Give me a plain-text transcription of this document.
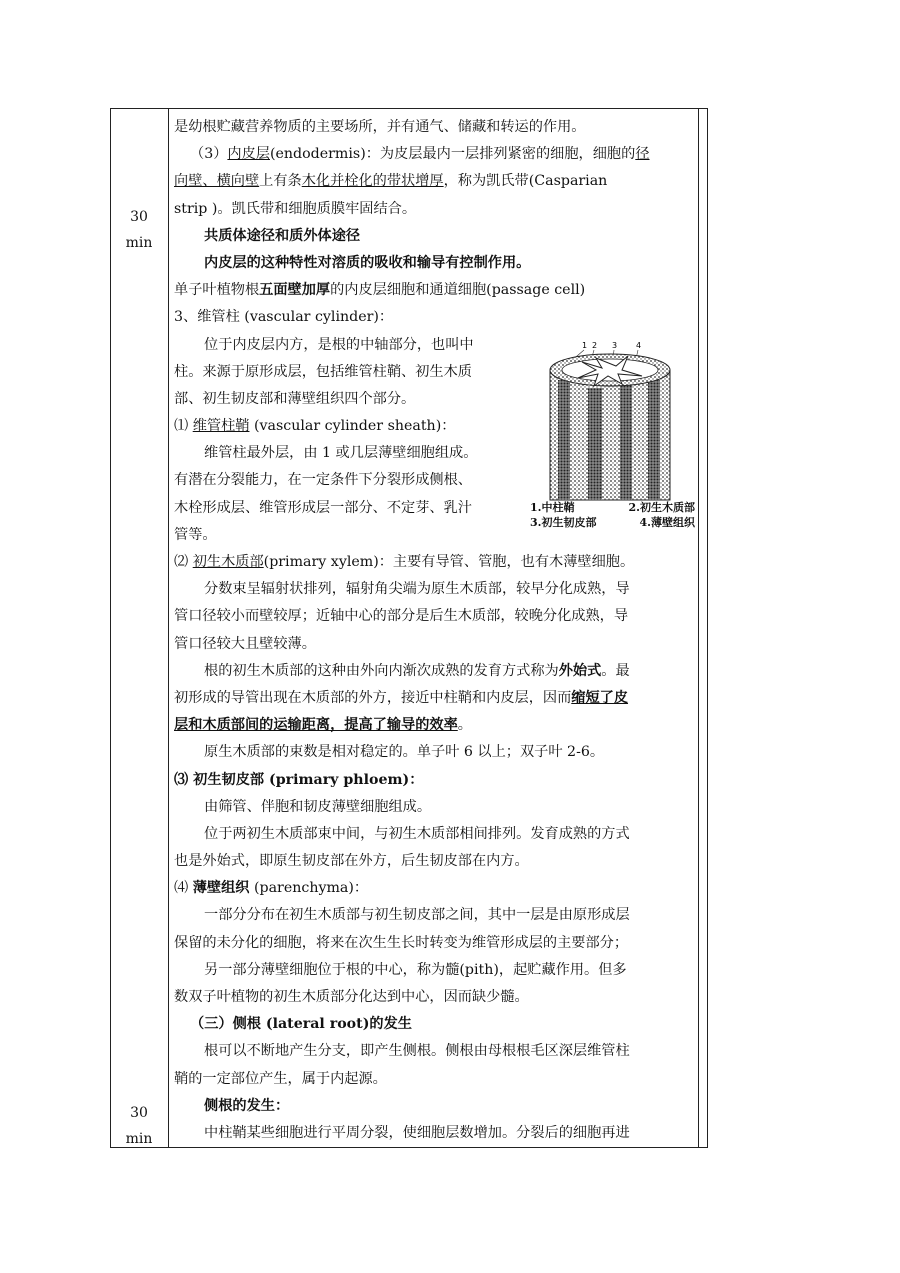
30
min
30
min
1 2 3 4
1.中柱鞘	2.初生木质部
3.初生韧皮部	4.薄壁组织
是幼根贮藏营养物质的主要场所，并有通气、储藏和转运的作用。
（3）内皮层(endodermis)：为皮层最内一层排列紧密的细胞，细胞的径
向壁、横向壁上有条木化并栓化的带状增厚，称为凯氏带(Casparian
strip )。凯氏带和细胞质膜牢固结合。
共质体途径和质外体途径
内皮层的这种特性对溶质的吸收和输导有控制作用。
单子叶植物根五面壁加厚的内皮层细胞和通道细胞(passage cell)
3、维管柱 (vascular cylinder)：
位于内皮层内方，是根的中轴部分，也叫中
柱。来源于原形成层，包括维管柱鞘、初生木质
部、初生韧皮部和薄壁组织四个部分。
⑴ 维管柱鞘 (vascular cylinder sheath)：
维管柱最外层，由 1 或几层薄壁细胞组成。
有潜在分裂能力，在一定条件下分裂形成侧根、
木栓形成层、维管形成层一部分、不定芽、乳汁
管等。
⑵ 初生木质部(primary xylem)：主要有导管、管胞，也有木薄壁细胞。
分数束呈辐射状排列，辐射角尖端为原生木质部，较早分化成熟，导
管口径较小而壁较厚；近轴中心的部分是后生木质部，较晚分化成熟，导
管口径较大且壁较薄。
根的初生木质部的这种由外向内渐次成熟的发育方式称为外始式。最
初形成的导管出现在木质部的外方，接近中柱鞘和内皮层，因而缩短了皮
层和木质部间的运输距离，提高了输导的效率。
原生木质部的束数是相对稳定的。单子叶 6 以上；双子叶 2-6。
⑶ 初生韧皮部 (primary phloem)：
由筛管、伴胞和韧皮薄壁细胞组成。
位于两初生木质部束中间，与初生木质部相间排列。发育成熟的方式
也是外始式，即原生韧皮部在外方，后生韧皮部在内方。
⑷ 薄壁组织 (parenchyma)：
一部分分布在初生木质部与初生韧皮部之间，其中一层是由原形成层
保留的未分化的细胞，将来在次生生长时转变为维管形成层的主要部分；
另一部分薄壁细胞位于根的中心，称为髓(pith)，起贮藏作用。但多
数双子叶植物的初生木质部分化达到中心，因而缺少髓。
（三）侧根 (lateral root)的发生
根可以不断地产生分支，即产生侧根。侧根由母根根毛区深层维管柱
鞘的一定部位产生，属于内起源。
侧根的发生：
中柱鞘某些细胞进行平周分裂，使细胞层数增加。分裂后的细胞再进
